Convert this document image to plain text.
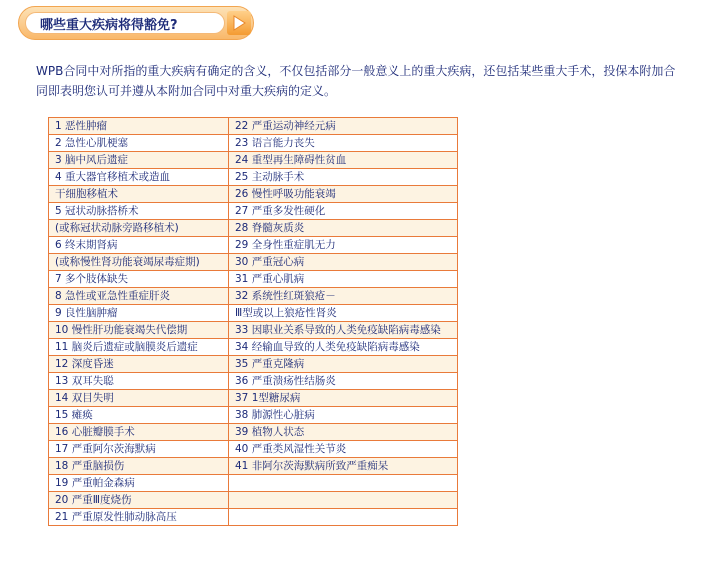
哪些重大疾病将得豁免?
WPB合同中对所指的重大疾病有确定的含义，不仅包括部分一般意义上的重大疾病，还包括某些重大手术，投保本附加合同即表明您认可并遵从本附加合同中对重大疾病的定义。
1 恶性肿瘤	22 严重运动神经元病
2 急性心肌梗塞	23 语言能力丧失
3 脑中风后遗症	24 重型再生障碍性贫血
4 重大器官移植术或造血	25 主动脉手术
干细胞移植术	26 慢性呼吸功能衰竭
5 冠状动脉搭桥术	27 严重多发性硬化
(或称冠状动脉旁路移植术)	28 脊髓灰质炎
6 终末期肾病	29 全身性重症肌无力
(或称慢性肾功能衰竭尿毒症期)	30 严重冠心病
7 多个肢体缺失	31 严重心肌病
8 急性或亚急性重症肝炎	32 系统性红斑狼疮－
9 良性脑肿瘤	Ⅲ型或以上狼疮性肾炎
10 慢性肝功能衰竭失代偿期	33 因职业关系导致的人类免疫缺陷病毒感染
11 脑炎后遗症或脑膜炎后遗症	34 经输血导致的人类免疫缺陷病毒感染
12 深度昏迷	35 严重克隆病
13 双耳失聪	36 严重溃疡性结肠炎
14 双目失明	37 1型糖尿病
15 瘫痪	38 肺源性心脏病
16 心脏瓣膜手术	39 植物人状态
17 严重阿尔茨海默病	40 严重类风湿性关节炎
18 严重脑损伤	41 非阿尔茨海默病所致严重痴呆
19 严重帕金森病	
20 严重Ⅲ度烧伤	
21 严重原发性肺动脉高压	
